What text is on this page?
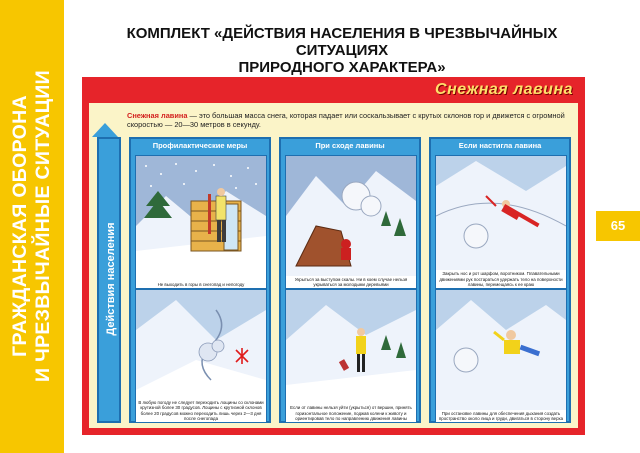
ГРАЖДАНСКАЯ ОБОРОНА И ЧРЕЗВЫЧАЙНЫЕ СИТУАЦИИ
КОМПЛЕКТ «ДЕЙСТВИЯ НАСЕЛЕНИЯ В ЧРЕЗВЫЧАЙНЫХ СИТУАЦИЯХ
ПРИРОДНОГО ХАРАКТЕРА»
65
Снежная лавина
Снежная лавина — это большая масса снега, которая падает или соскальзывает с крутых склонов гор и движется с огромной скоростью — 20—30 метров в секунду.
Действия населения
Профилактические меры
Не выходить в горы в снегопад и непогоду
В любую погоду не следует переходить лощины со склонами крутизной более 30 градусов. Лощины с крутизной склонов более 20 градусов можно переходить лишь через 2—3 дня после снегопада
При сходе лавины
Укрыться за выступом скалы. Ни в коем случае нельзя укрываться за молодыми деревьями
Если от лавины нельзя уйти (укрыться) от вершин, принять горизонтальное положение, поджав колени к животу и ориентировав тело по направлению движения лавины
Если настигла лавина
Закрыть нос и рот шарфом, воротником. Плавательными движениями рук постараться удержать тело на поверхности лавины, перемещаясь к ее краю
При остановке лавины для обеспечения дыхания создать пространство около лица и груди, двигаться в сторону верха
